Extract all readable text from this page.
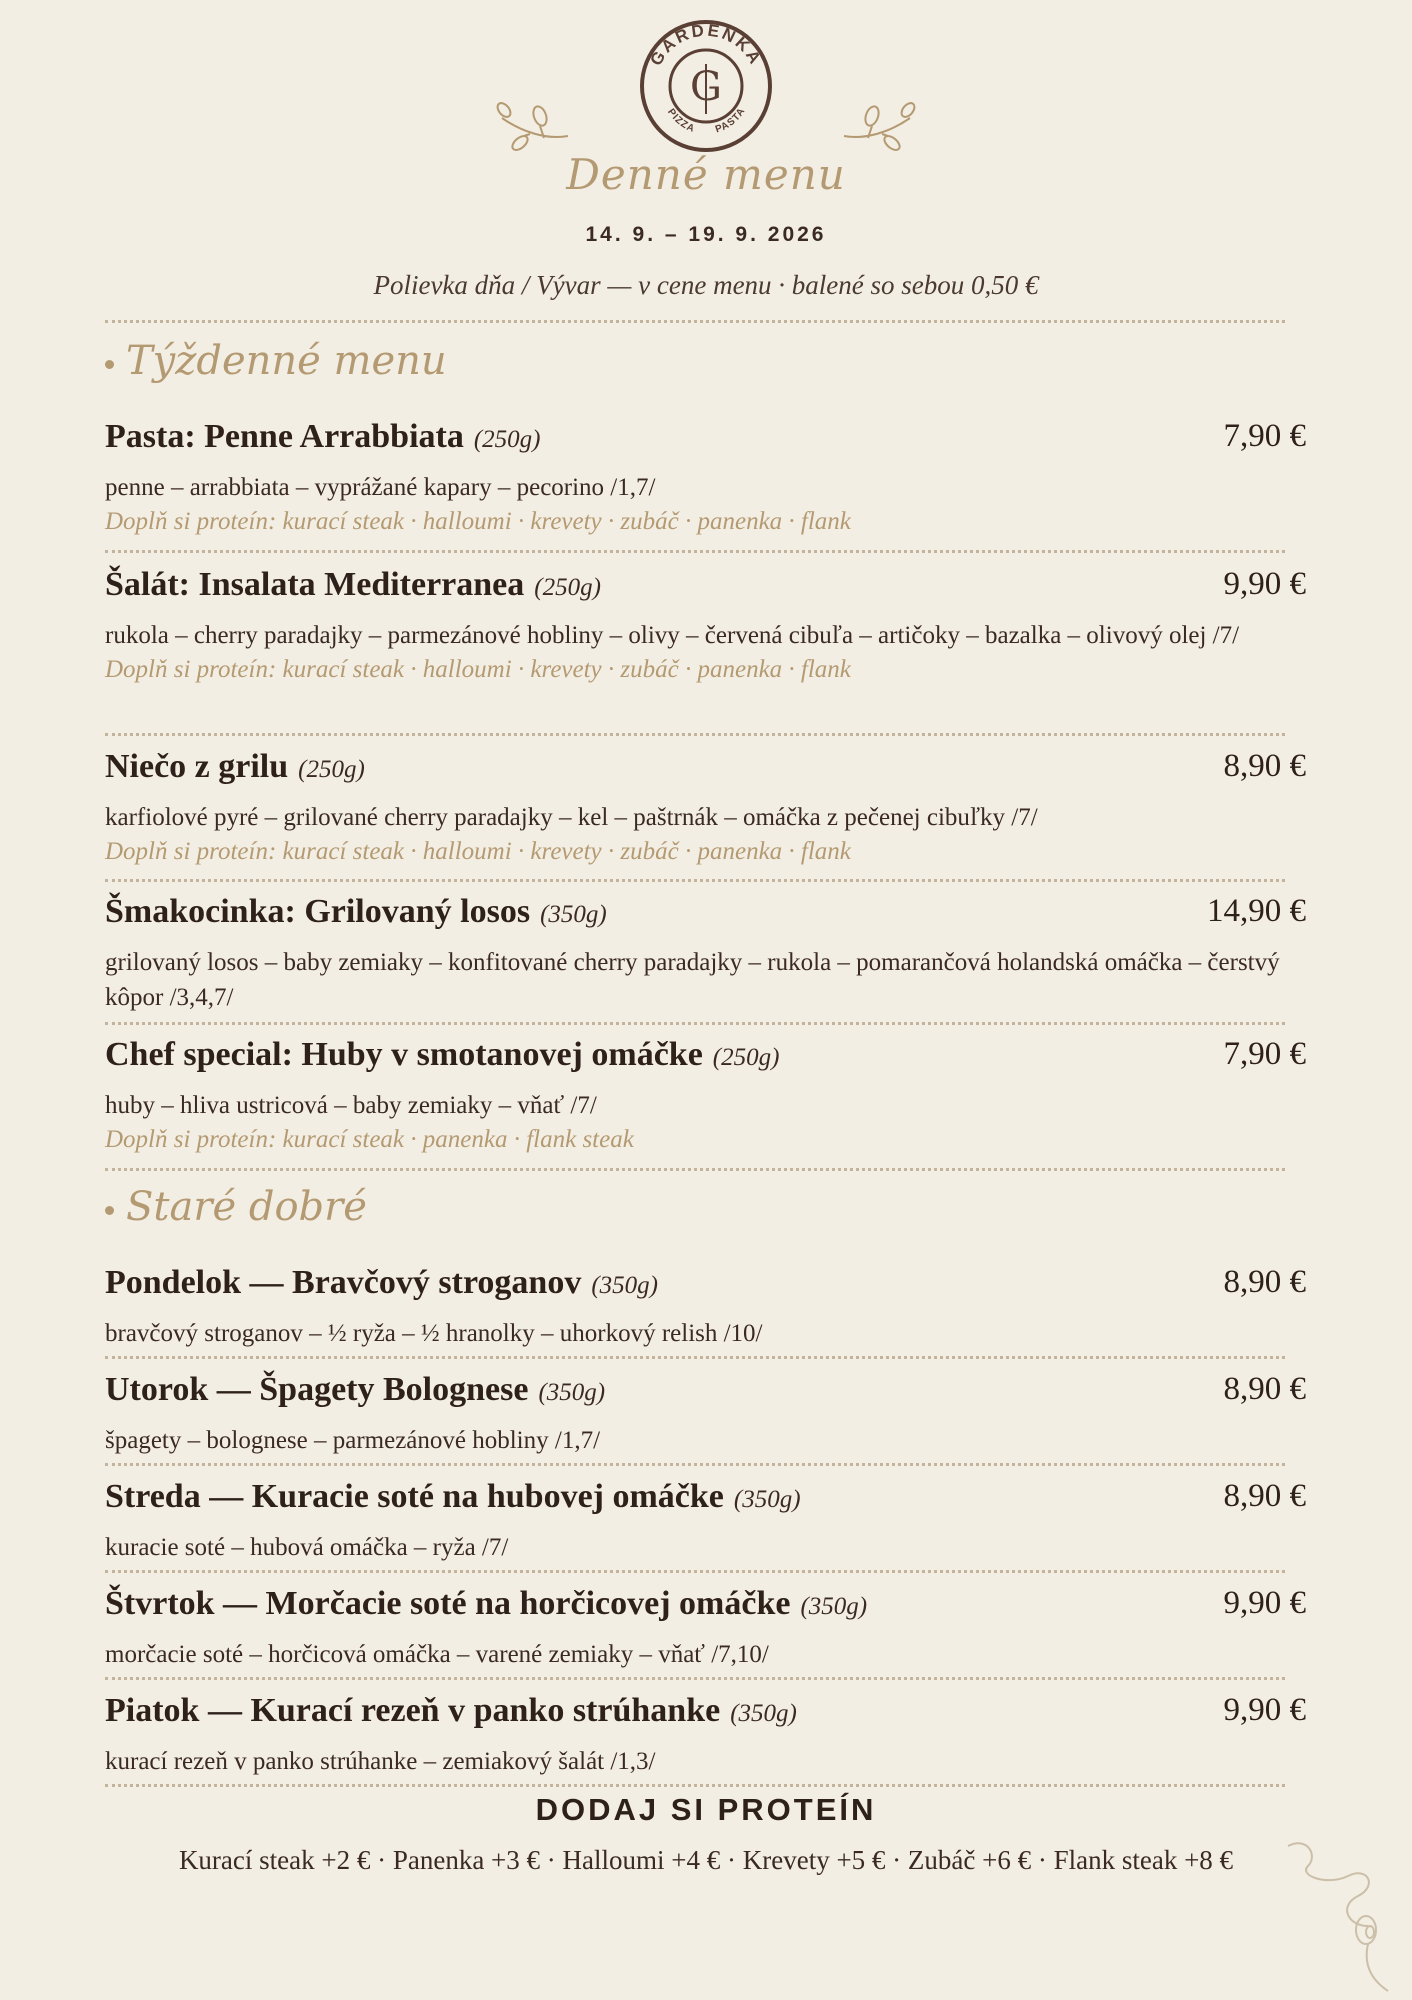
GARDENKA
PIZZA PASTA
G
Denné menu
14. 9. – 19. 9. 2026
Polievka dňa / Vývar — v cene menu · balené so sebou 0,50 €
Týždenné menu
Pasta: Penne Arrabbiata (250g)	7,90 €
penne – arrabbiata – vyprážané kapary – pecorino /1,7/
Doplň si proteín: kurací steak · halloumi · krevety · zubáč · panenka · flank
Šalát: Insalata Mediterranea (250g)	9,90 €
rukola – cherry paradajky – parmezánové hobliny – olivy – červená cibuľa – artičoky – bazalka – olivový olej /7/
Doplň si proteín: kurací steak · halloumi · krevety · zubáč · panenka · flank
Niečo z grilu (250g)	8,90 €
karfiolové pyré – grilované cherry paradajky – kel – paštrnák – omáčka z pečenej cibuľky /7/
Doplň si proteín: kurací steak · halloumi · krevety · zubáč · panenka · flank
Šmakocinka: Grilovaný losos (350g)	14,90 €
grilovaný losos – baby zemiaky – konfitované cherry paradajky – rukola – pomarančová holandská omáčka – čerstvý kôpor /3,4,7/
Chef special: Huby v smotanovej omáčke (250g)	7,90 €
huby – hliva ustricová – baby zemiaky – vňať /7/
Doplň si proteín: kurací steak · panenka · flank steak
Staré dobré
Pondelok — Bravčový stroganov (350g)	8,90 €
bravčový stroganov – ½ ryža – ½ hranolky – uhorkový relish /10/
Utorok — Špagety Bolognese (350g)	8,90 €
špagety – bolognese – parmezánové hobliny /1,7/
Streda — Kuracie soté na hubovej omáčke (350g)	8,90 €
kuracie soté – hubová omáčka – ryža /7/
Štvrtok — Morčacie soté na horčicovej omáčke (350g)	9,90 €
morčacie soté – horčicová omáčka – varené zemiaky – vňať /7,10/
Piatok — Kurací rezeň v panko strúhanke (350g)	9,90 €
kurací rezeň v panko strúhanke – zemiakový šalát /1,3/
DODAJ SI PROTEÍN
Kurací steak +2 € · Panenka +3 € · Halloumi +4 € · Krevety +5 € · Zubáč +6 € · Flank steak +8 €
